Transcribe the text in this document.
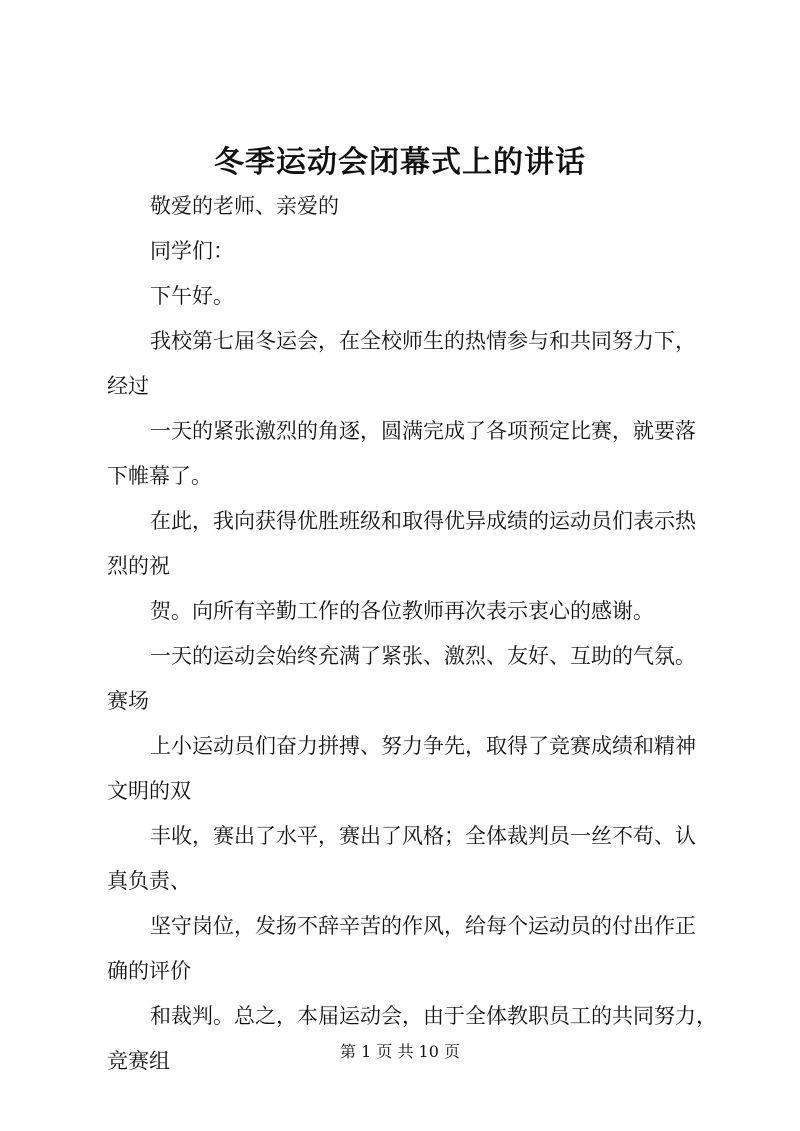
冬季运动会闭幕式上的讲话
敬爱的老师、亲爱的
同学们：
下午好。
我校第七届冬运会，在全校师生的热情参与和共同努力下，
经过
一天的紧张激烈的角逐，圆满完成了各项预定比赛，就要落
下帷幕了。
在此，我向获得优胜班级和取得优异成绩的运动员们表示热
烈的祝
贺。向所有辛勤工作的各位教师再次表示衷心的感谢。
一天的运动会始终充满了紧张、激烈、友好、互助的气氛。
赛场
上小运动员们奋力拼搏、努力争先，取得了竞赛成绩和精神
文明的双
丰收，赛出了水平，赛出了风格；全体裁判员一丝不苟、认
真负责、
坚守岗位，发扬不辞辛苦的作风，给每个运动员的付出作正
确的评价
和裁判。总之，本届运动会，由于全体教职员工的共同努力，
竞赛组	第 1 页 共 10 页
